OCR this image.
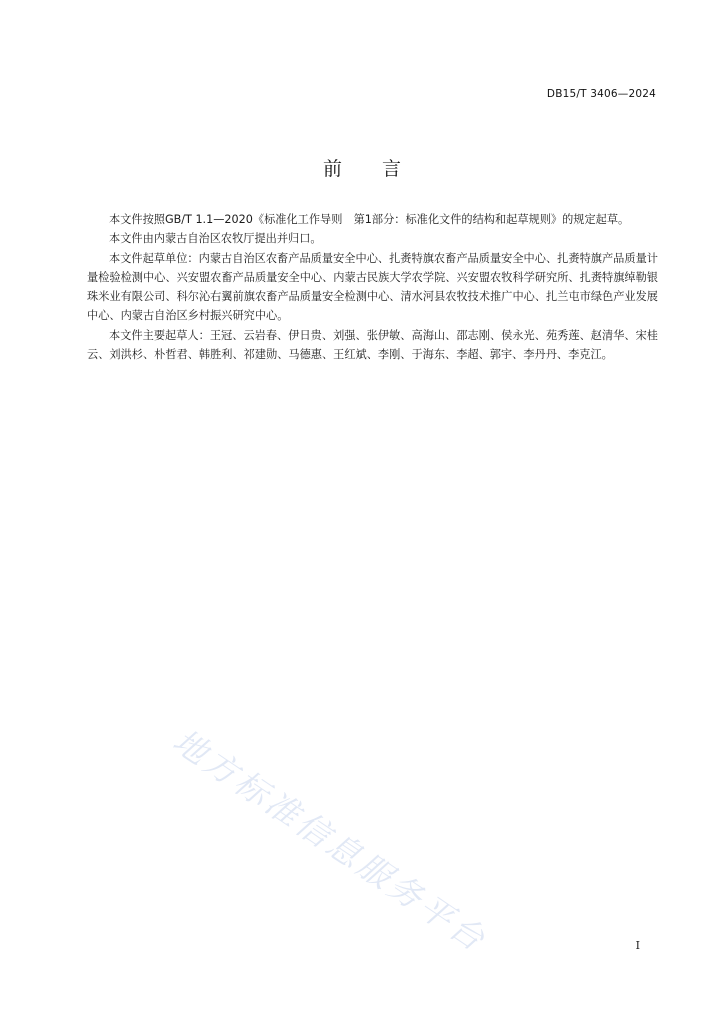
DB15/T 3406—2024
前言

本文件按照GB/T 1.1—2020《标准化工作导则　第1部分：标准化文件的结构和起草规则》的规定起草。

本文件由内蒙古自治区农牧厅提出并归口。

本文件起草单位：内蒙古自治区农畜产品质量安全中心、扎赉特旗农畜产品质量安全中心、扎赉特旗产品质量计量检验检测中心、兴安盟农畜产品质量安全中心、内蒙古民族大学农学院、兴安盟农牧科学研究所、扎赉特旗绰勒银珠米业有限公司、科尔沁右翼前旗农畜产品质量安全检测中心、清水河县农牧技术推广中心、扎兰屯市绿色产业发展中心、内蒙古自治区乡村振兴研究中心。

本文件主要起草人：王冠、云岩春、伊日贵、刘强、张伊敏、高海山、邵志刚、侯永光、苑秀莲、赵清华、宋桂云、刘洪杉、朴哲君、韩胜利、祁建勋、马德惠、王红斌、李刚、于海东、李超、郭宇、李丹丹、李克江。

地方标准信息服务平台	I
